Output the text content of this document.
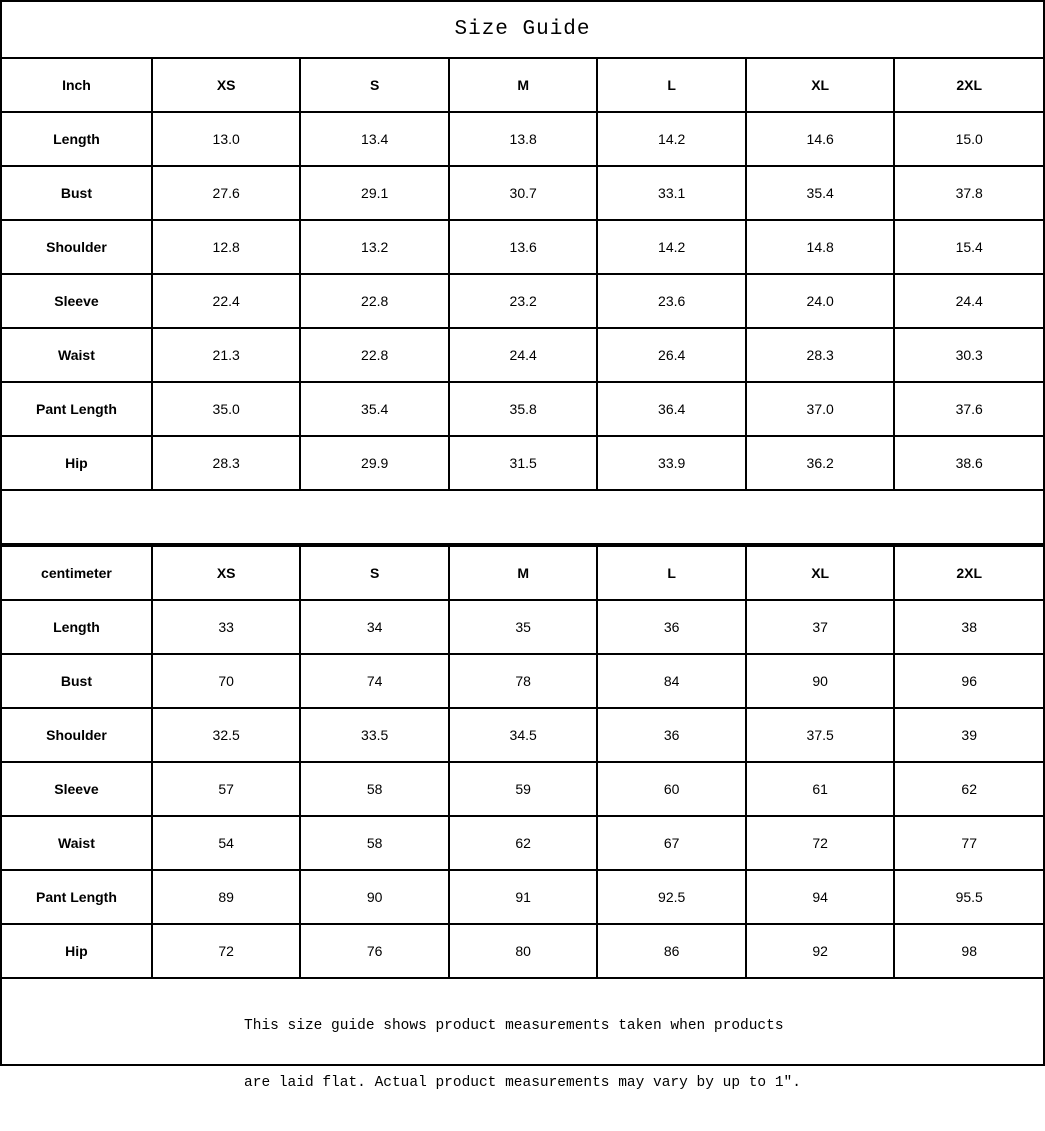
Size Guide
Inch	XS	S	M	L	XL	2XL
Length	13.0	13.4	13.8	14.2	14.6	15.0
Bust	27.6	29.1	30.7	33.1	35.4	37.8
Shoulder	12.8	13.2	13.6	14.2	14.8	15.4
Sleeve	22.4	22.8	23.2	23.6	24.0	24.4
Waist	21.3	22.8	24.4	26.4	28.3	30.3
Pant Length	35.0	35.4	35.8	36.4	37.0	37.6
Hip	28.3	29.9	31.5	33.9	36.2	38.6
centimeter	XS	S	M	L	XL	2XL
Length	33	34	35	36	37	38
Bust	70	74	78	84	90	96
Shoulder	32.5	33.5	34.5	36	37.5	39
Sleeve	57	58	59	60	61	62
Waist	54	58	62	67	72	77
Pant Length	89	90	91	92.5	94	95.5
Hip	72	76	80	86	92	98

This size guide shows product measurements taken when products

are laid flat. Actual product measurements may vary by up to 1″.
